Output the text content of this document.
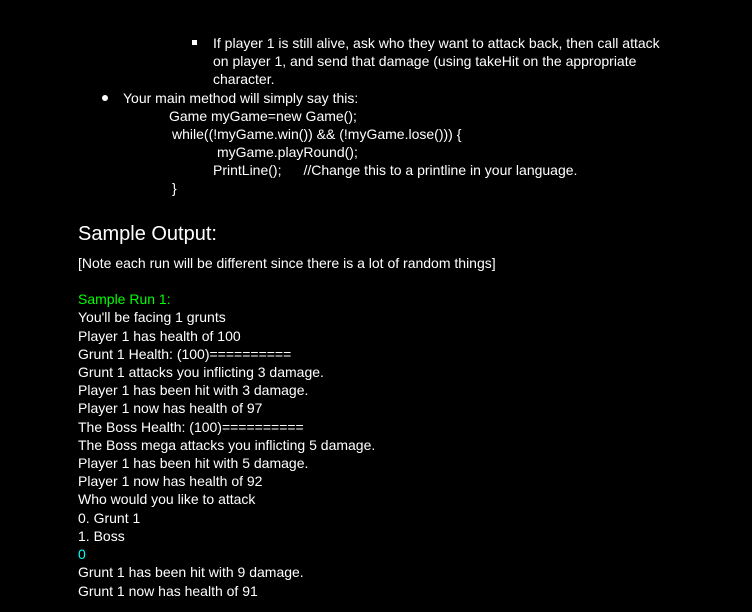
If player 1 is still alive, ask who they want to attack back, then call attack
on player 1, and send that damage (using takeHit on the appropriate
character.
Your main method will simply say this:
Game myGame=new Game();
while((!myGame.win()) && (!myGame.lose())) {
myGame.playRound();
PrintLine(); //Change this to a printline in your language.
}
Sample Output:
[Note each run will be different since there is a lot of random things]
Sample Run 1:
You'll be facing 1 grunts
Player 1 has health of 100
Grunt 1 Health: (100)==========
Grunt 1 attacks you inflicting 3 damage.
Player 1 has been hit with 3 damage.
Player 1 now has health of 97
The Boss Health: (100)==========
The Boss mega attacks you inflicting 5 damage.
Player 1 has been hit with 5 damage.
Player 1 now has health of 92
Who would you like to attack
0. Grunt 1
1. Boss
0
Grunt 1 has been hit with 9 damage.
Grunt 1 now has health of 91
